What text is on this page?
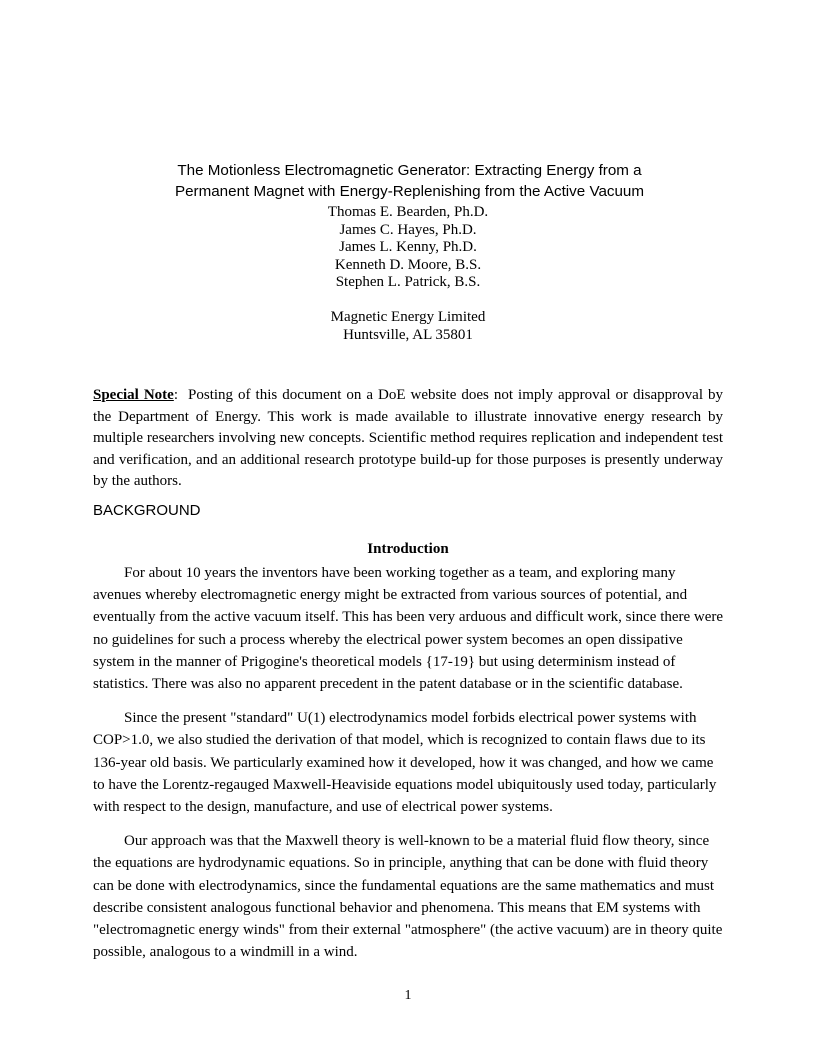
The Motionless Electromagnetic Generator: Extracting Energy from a
Permanent Magnet with Energy-Replenishing from the Active Vacuum
Thomas E. Bearden, Ph.D.
James C. Hayes, Ph.D.
James L. Kenny, Ph.D.
Kenneth D. Moore, B.S.
Stephen L. Patrick, B.S.
Magnetic Energy Limited
Huntsville, AL 35801
Special Note: Posting of this document on a DoE website does not imply approval or disapproval by the Department of Energy. This work is made available to illustrate innovative energy research by multiple researchers involving new concepts. Scientific method requires replication and independent test and verification, and an additional research prototype build-up for those purposes is presently underway by the authors.
BACKGROUND
Introduction

For about 10 years the inventors have been working together as a team, and exploring many avenues whereby electromagnetic energy might be extracted from various sources of potential, and eventually from the active vacuum itself. This has been very arduous and difficult work, since there were no guidelines for such a process whereby the electrical power system becomes an open dissipative system in the manner of Prigogine's theoretical models {17-19} but using determinism instead of statistics. There was also no apparent precedent in the patent database or in the scientific database.

Since the present "standard" U(1) electrodynamics model forbids electrical power systems with COP>1.0, we also studied the derivation of that model, which is recognized to contain flaws due to its 136-year old basis. We particularly examined how it developed, how it was changed, and how we came to have the Lorentz-regauged Maxwell-Heaviside equations model ubiquitously used today, particularly with respect to the design, manufacture, and use of electrical power systems.

Our approach was that the Maxwell theory is well-known to be a material fluid flow theory, since the equations are hydrodynamic equations. So in principle, anything that can be done with fluid theory can be done with electrodynamics, since the fundamental equations are the same mathematics and must describe consistent analogous functional behavior and phenomena. This means that EM systems with "electromagnetic energy winds" from their external "atmosphere" (the active vacuum) are in theory quite possible, analogous to a windmill in a wind.

1
